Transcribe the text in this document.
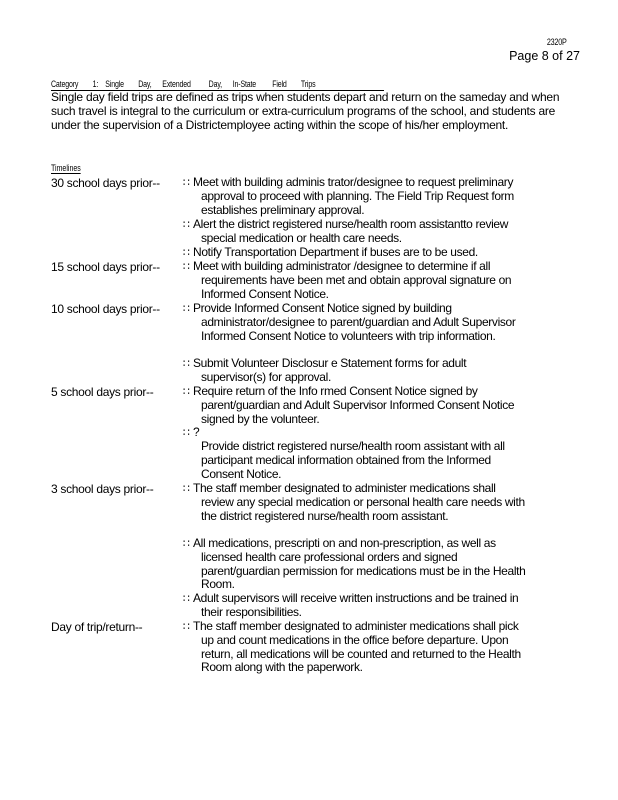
2320P
Page 8 of 27
Category        1:    Single        Day,      Extended          Day,      In-State         Field        Trips
Single day field trips are defined as trips when students depart and return on the sameday and when such travel is integral to the curriculum or extra-curriculum programs of the school, and students are under the supervision of a Districtemployee acting within the scope of his/her employment.
Timelines
30 school days prior-- ∷ Meet with building adminis trator/designee to request preliminary approval to proceed with planning. The Field Trip Request form establishes preliminary approval.
∷ Alert the district registered nurse/health room assistantto review special medication or health care needs.
∷ Notify Transportation Department if buses are to be used.
15 school days prior-- ∷ Meet with building administrator /designee to determine if all requirements have been met and obtain approval signature on Informed Consent Notice.
10 school days prior-- ∷ Provide Informed Consent Notice signed by building administrator/designee to parent/guardian and Adult Supervisor Informed Consent Notice to volunteers with trip information.
∷ Submit Volunteer Disclosur e Statement forms for adult supervisor(s) for approval.
5 school days prior--	∷ Require return of the Info rmed Consent Notice signed by parent/guardian and Adult Supervisor Informed Consent Notice signed by the volunteer.
∷ ?
Provide district registered nurse/health room assistant with all participant medical information obtained from the Informed Consent Notice.
3 school days prior--	∷ The staff member designated to administer medications shall review any special medication or personal health care needs with the district registered nurse/health room assistant.
∷ All medications, prescripti on and non-prescription, as well as licensed health care professional orders and signed parent/guardian permission for medications must be in the Health Room.
∷ Adult supervisors will receive written instructions and be trained in their responsibilities.
Day of trip/return--	∷ The staff member designated to administer medications shall pick up and count medications in the office before departure. Upon return, all medications will be counted and returned to the Health Room along with the paperwork.
